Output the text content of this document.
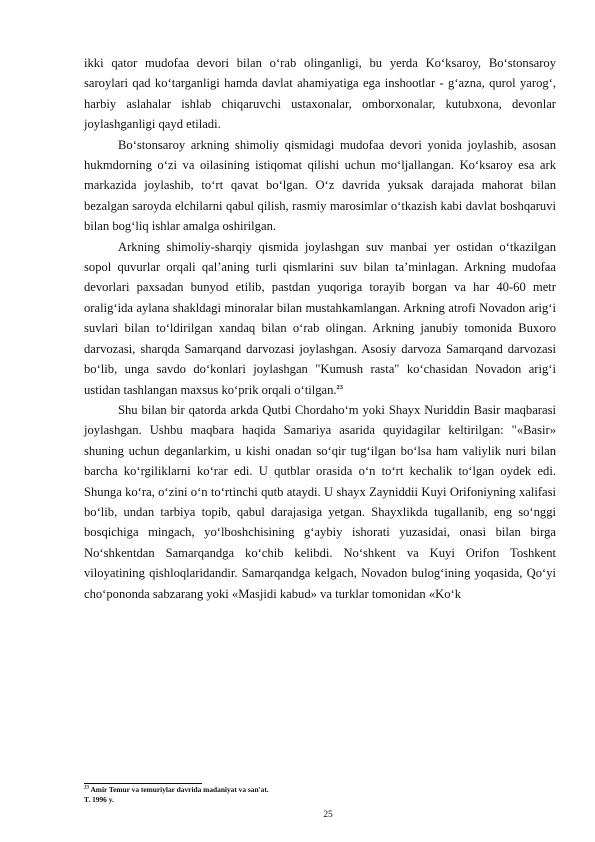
ikki qator mudofaa devori bilan o‘rab olinganligi, bu yerda Ko‘ksaroy, Bo‘stonsaroy saroylari qad ko‘targanligi hamda davlat ahamiyatiga ega inshootlar - g‘azna, qurol yarog‘, harbiy aslahalar ishlab chiqaruvchi ustaxonalar, omborxonalar, kutubxona, devonlar joylashganligi qayd etiladi.

Bo‘stonsaroy arkning shimoliy qismidagi mudofaa devori yonida joylashib, asosan hukmdorning o‘zi va oilasining istiqomat qilishi uchun mo‘ljallangan. Ko‘ksaroy esa ark markazida joylashib, to‘rt qavat bo‘lgan. O‘z davrida yuksak darajada mahorat bilan bezalgan saroyda elchilarni qabul qilish, rasmiy marosimlar o‘tkazish kabi davlat boshqaruvi bilan bog‘liq ishlar amalga oshirilgan.

Arkning shimoliy-sharqiy qismida joylashgan suv manbai yer ostidan o‘tkazilgan sopol quvurlar orqali qal’aning turli qismlarini suv bilan ta’minlagan. Arkning mudofaa devorlari paxsadan bunyod etilib, pastdan yuqoriga torayib borgan va har 40-60 metr oralig‘ida aylana shakldagi minoralar bilan mustahkamlangan. Arkning atrofi Novadon arig‘i suvlari bilan to‘ldirilgan xandaq bilan o‘rab olingan. Arkning janubiy tomonida Buxoro darvozasi, sharqda Samarqand darvozasi joylashgan. Asosiy darvoza Samarqand darvozasi bo‘lib, unga savdo do‘konlari joylashgan "Kumush rasta" ko‘chasidan Novadon arig‘i ustidan tashlangan maxsus ko‘prik orqali o‘tilgan.$^{23}$

Shu bilan bir qatorda arkda Qutbi Chordaho‘m yoki Shayx Nuriddin Basir maqbarasi joylashgan. Ushbu maqbara haqida Samariya asarida quyidagilar keltirilgan: "«Basir» shuning uchun deganlarkim, u kishi onadan so‘qir tug‘ilgan bo‘lsa ham valiylik nuri bilan barcha ko‘rgiliklarni ko‘rar edi. U qutblar orasida o‘n to‘rt kechalik to‘lgan oydek edi. Shunga ko‘ra, o‘zini o‘n to‘rtinchi qutb ataydi. U shayx Zayniddii Kuyi Orifoniyning xalifasi bo‘lib, undan tarbiya topib, qabul darajasiga yetgan. Shayxlikda tugallanib, eng so‘nggi bosqichiga mingach, yo‘lboshchisining g‘aybiy ishorati yuzasidai, onasi bilan birga No‘shkentdan Samarqandga ko‘chib kelibdi. No‘shkent va Kuyi Orifon Toshkent viloyatining qishloqlaridandir. Samarqandga kelgach, Novadon bulog‘ining yoqasida, Qo‘yi cho‘pononda sabzarang yoki «Masjidi kabud» va turklar tomonidan «Ko‘k

$^{23}$ Amir Temur va temuriylar davrida madaniyat va san'at.
T. 1996 y.
25
